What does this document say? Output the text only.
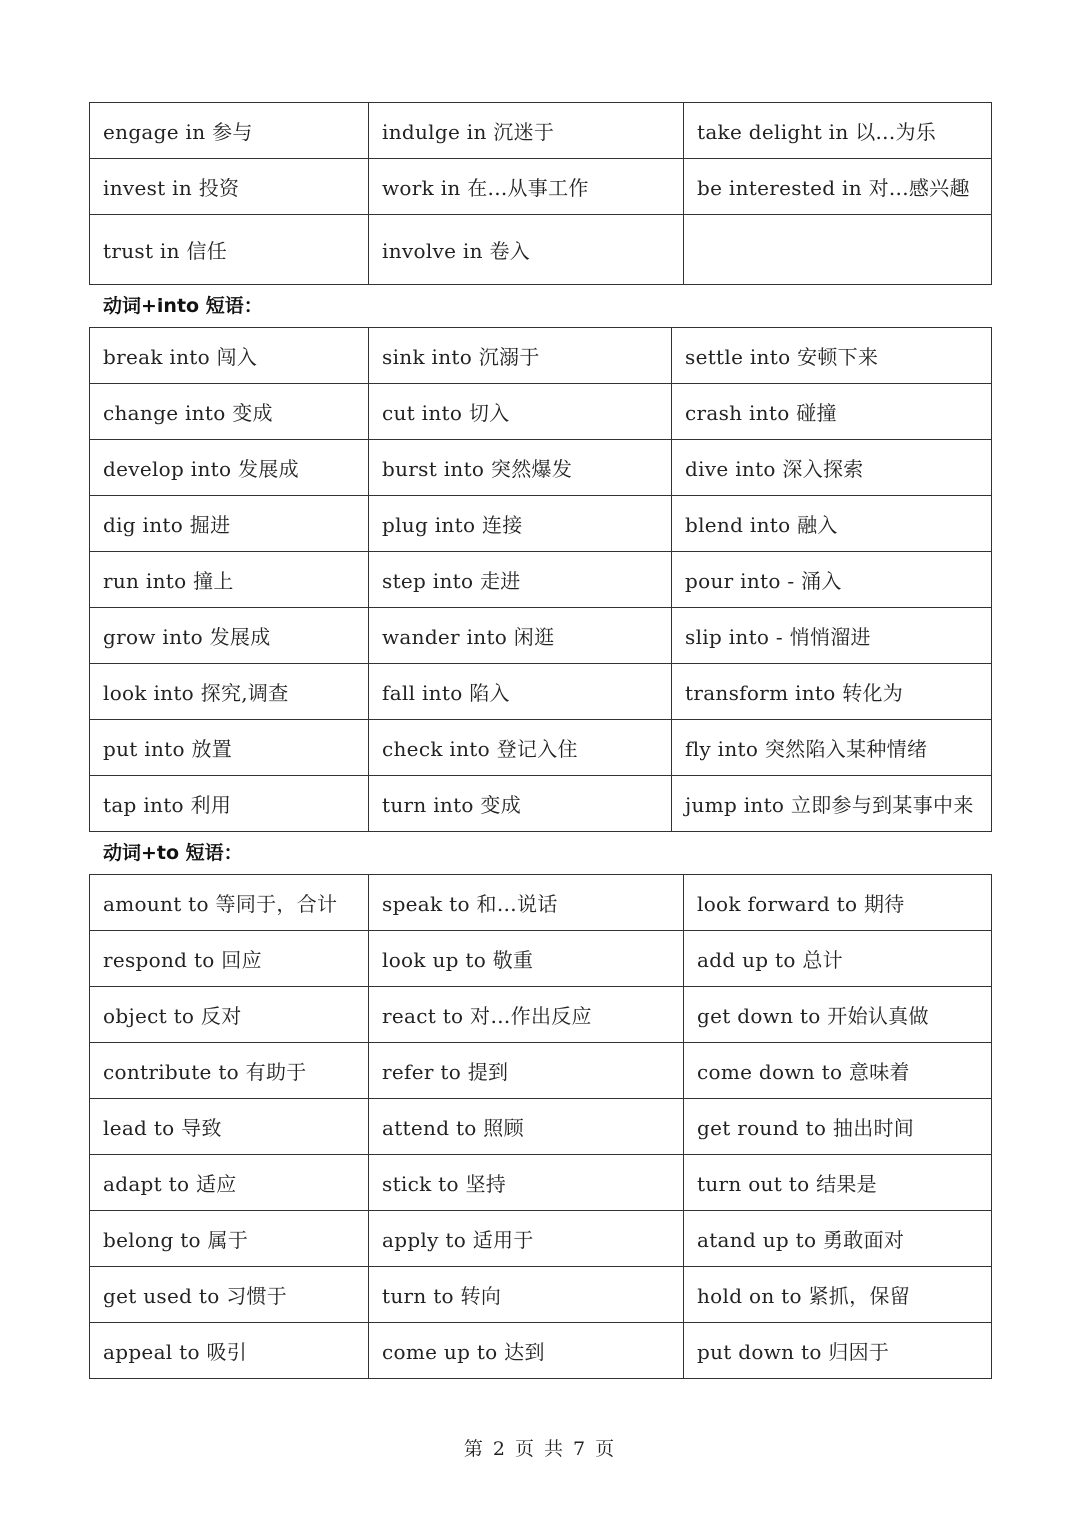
engage in 参与	indulge in 沉迷于	take delight in 以...为乐
invest in 投资	work in 在...从事工作	be interested in 对...感兴趣
trust in 信任	involve in 卷入	
动词+into 短语：
break into 闯入	sink into 沉溺于	settle into 安顿下来
change into 变成	cut into 切入	crash into 碰撞
develop into 发展成	burst into 突然爆发	dive into 深入探索
dig into 掘进	plug into 连接	blend into 融入
run into 撞上	step into 走进	pour into - 涌入
grow into 发展成	wander into 闲逛	slip into - 悄悄溜进
look into 探究,调查	fall into 陷入	transform into 转化为
put into 放置	check into 登记入住	fly into 突然陷入某种情绪
tap into 利用	turn into 变成	jump into 立即参与到某事中来
动词+to 短语：
amount to 等同于，合计	speak to 和…说话	look forward to 期待
respond to 回应	look up to 敬重	add up to 总计
object to 反对	react to 对…作出反应	get down to 开始认真做
contribute to 有助于	refer to 提到	come down to 意味着
lead to 导致	attend to 照顾	get round to 抽出时间
adapt to 适应	stick to 坚持	turn out to 结果是
belong to 属于	apply to 适用于	atand up to 勇敢面对
get used to 习惯于	turn to 转向	hold on to 紧抓，保留
appeal to 吸引	come up to 达到	put down to 归因于
第 2 页 共 7 页
